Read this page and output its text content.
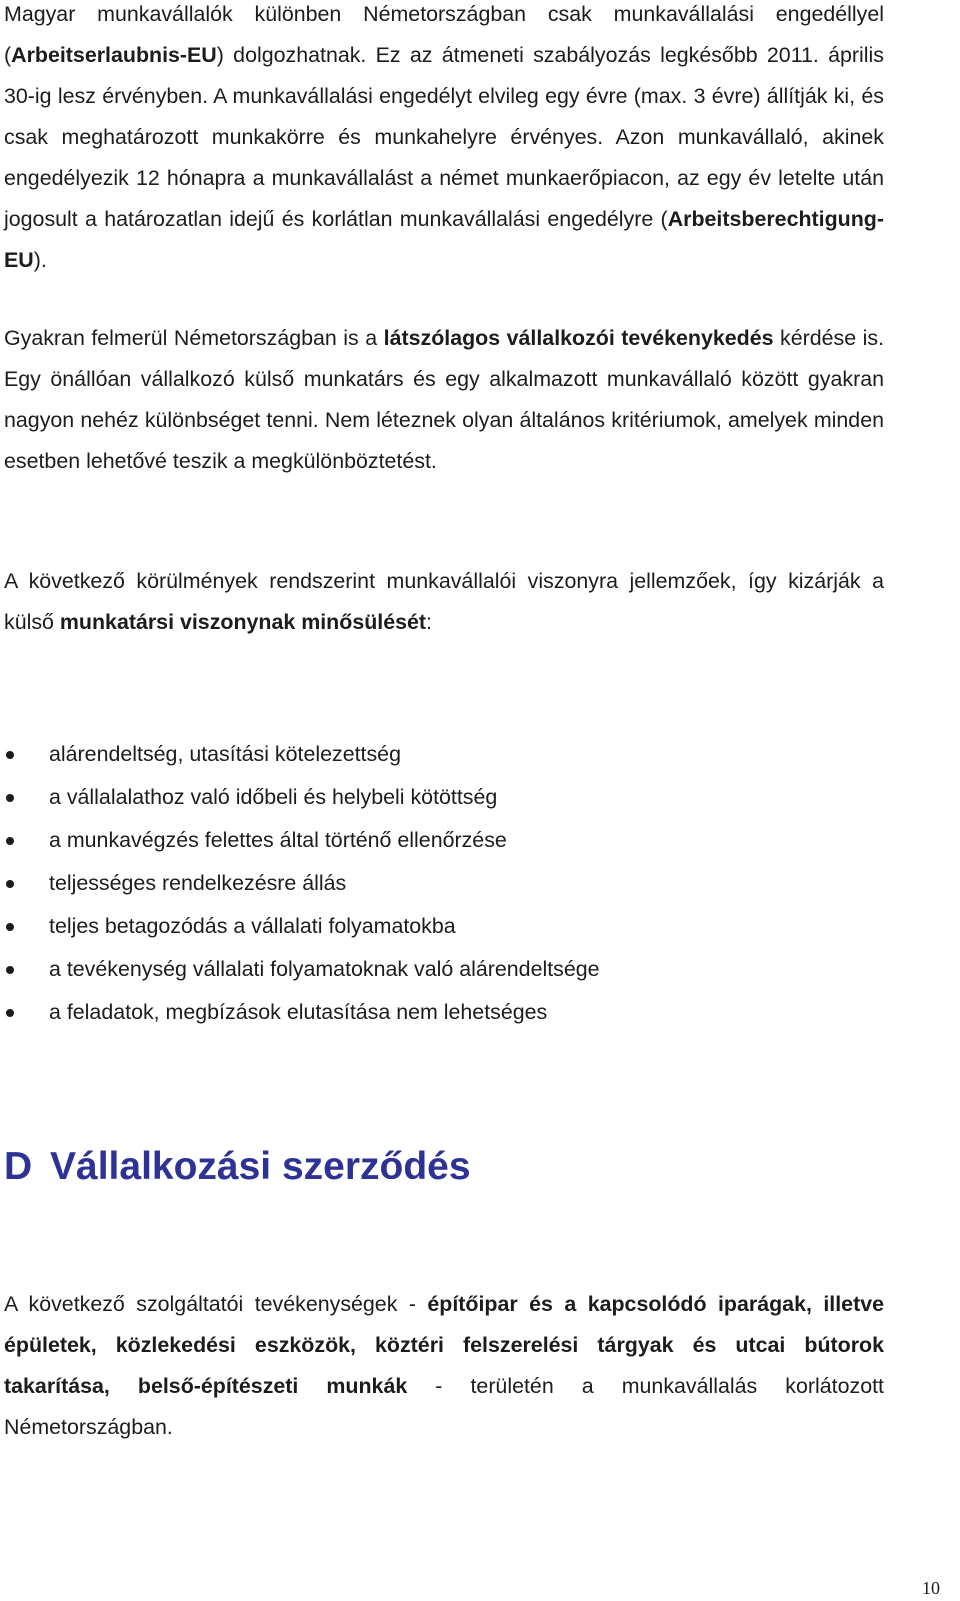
Magyar munkavállalók különben Németországban csak munkavállalási engedéllyel (Arbeitserlaubnis-EU) dolgozhatnak. Ez az átmeneti szabályozás legkésőbb 2011. április 30-ig lesz érvényben. A munkavállalási engedélyt elvileg egy évre (max. 3 évre) állítják ki, és csak meghatározott munkakörre és munkahelyre érvényes. Azon munkavállaló, akinek engedélyezik 12 hónapra a munkavállalást a német munkaerőpiacon, az egy év letelte után jogosult a határozatlan idejű és korlátlan munkavállalási engedélyre (Arbeitsberechtigung-EU).

Gyakran felmerül Németországban is a látszólagos vállalkozói tevékenykedés kérdése is. Egy önállóan vállalkozó külső munkatárs és egy alkalmazott munkavállaló között gyakran nagyon nehéz különbséget tenni. Nem léteznek olyan általános kritériumok, amelyek minden esetben lehetővé teszik a megkülönböztetést.

A következő körülmények rendszerint munkavállalói viszonyra jellemzőek, így kizárják a külső munkatársi viszonynak minősülését:

alárendeltség, utasítási kötelezettség
a vállalalathoz való időbeli és helybeli kötöttség
a munkavégzés felettes által történő ellenőrzése
teljességes rendelkezésre állás
teljes betagozódás a vállalati folyamatokba
a tevékenység vállalati folyamatoknak való alárendeltsége
a feladatok, megbízások elutasítása nem lehetséges
D Vállalkozási szerződés

A következő szolgáltatói tevékenységek - építőipar és a kapcsolódó iparágak, illetve épületek, közlekedési eszközök, köztéri felszerelési tárgyak és utcai bútorok takarítása, belső-építészeti munkák - területén a munkavállalás korlátozott Németországban.

10
